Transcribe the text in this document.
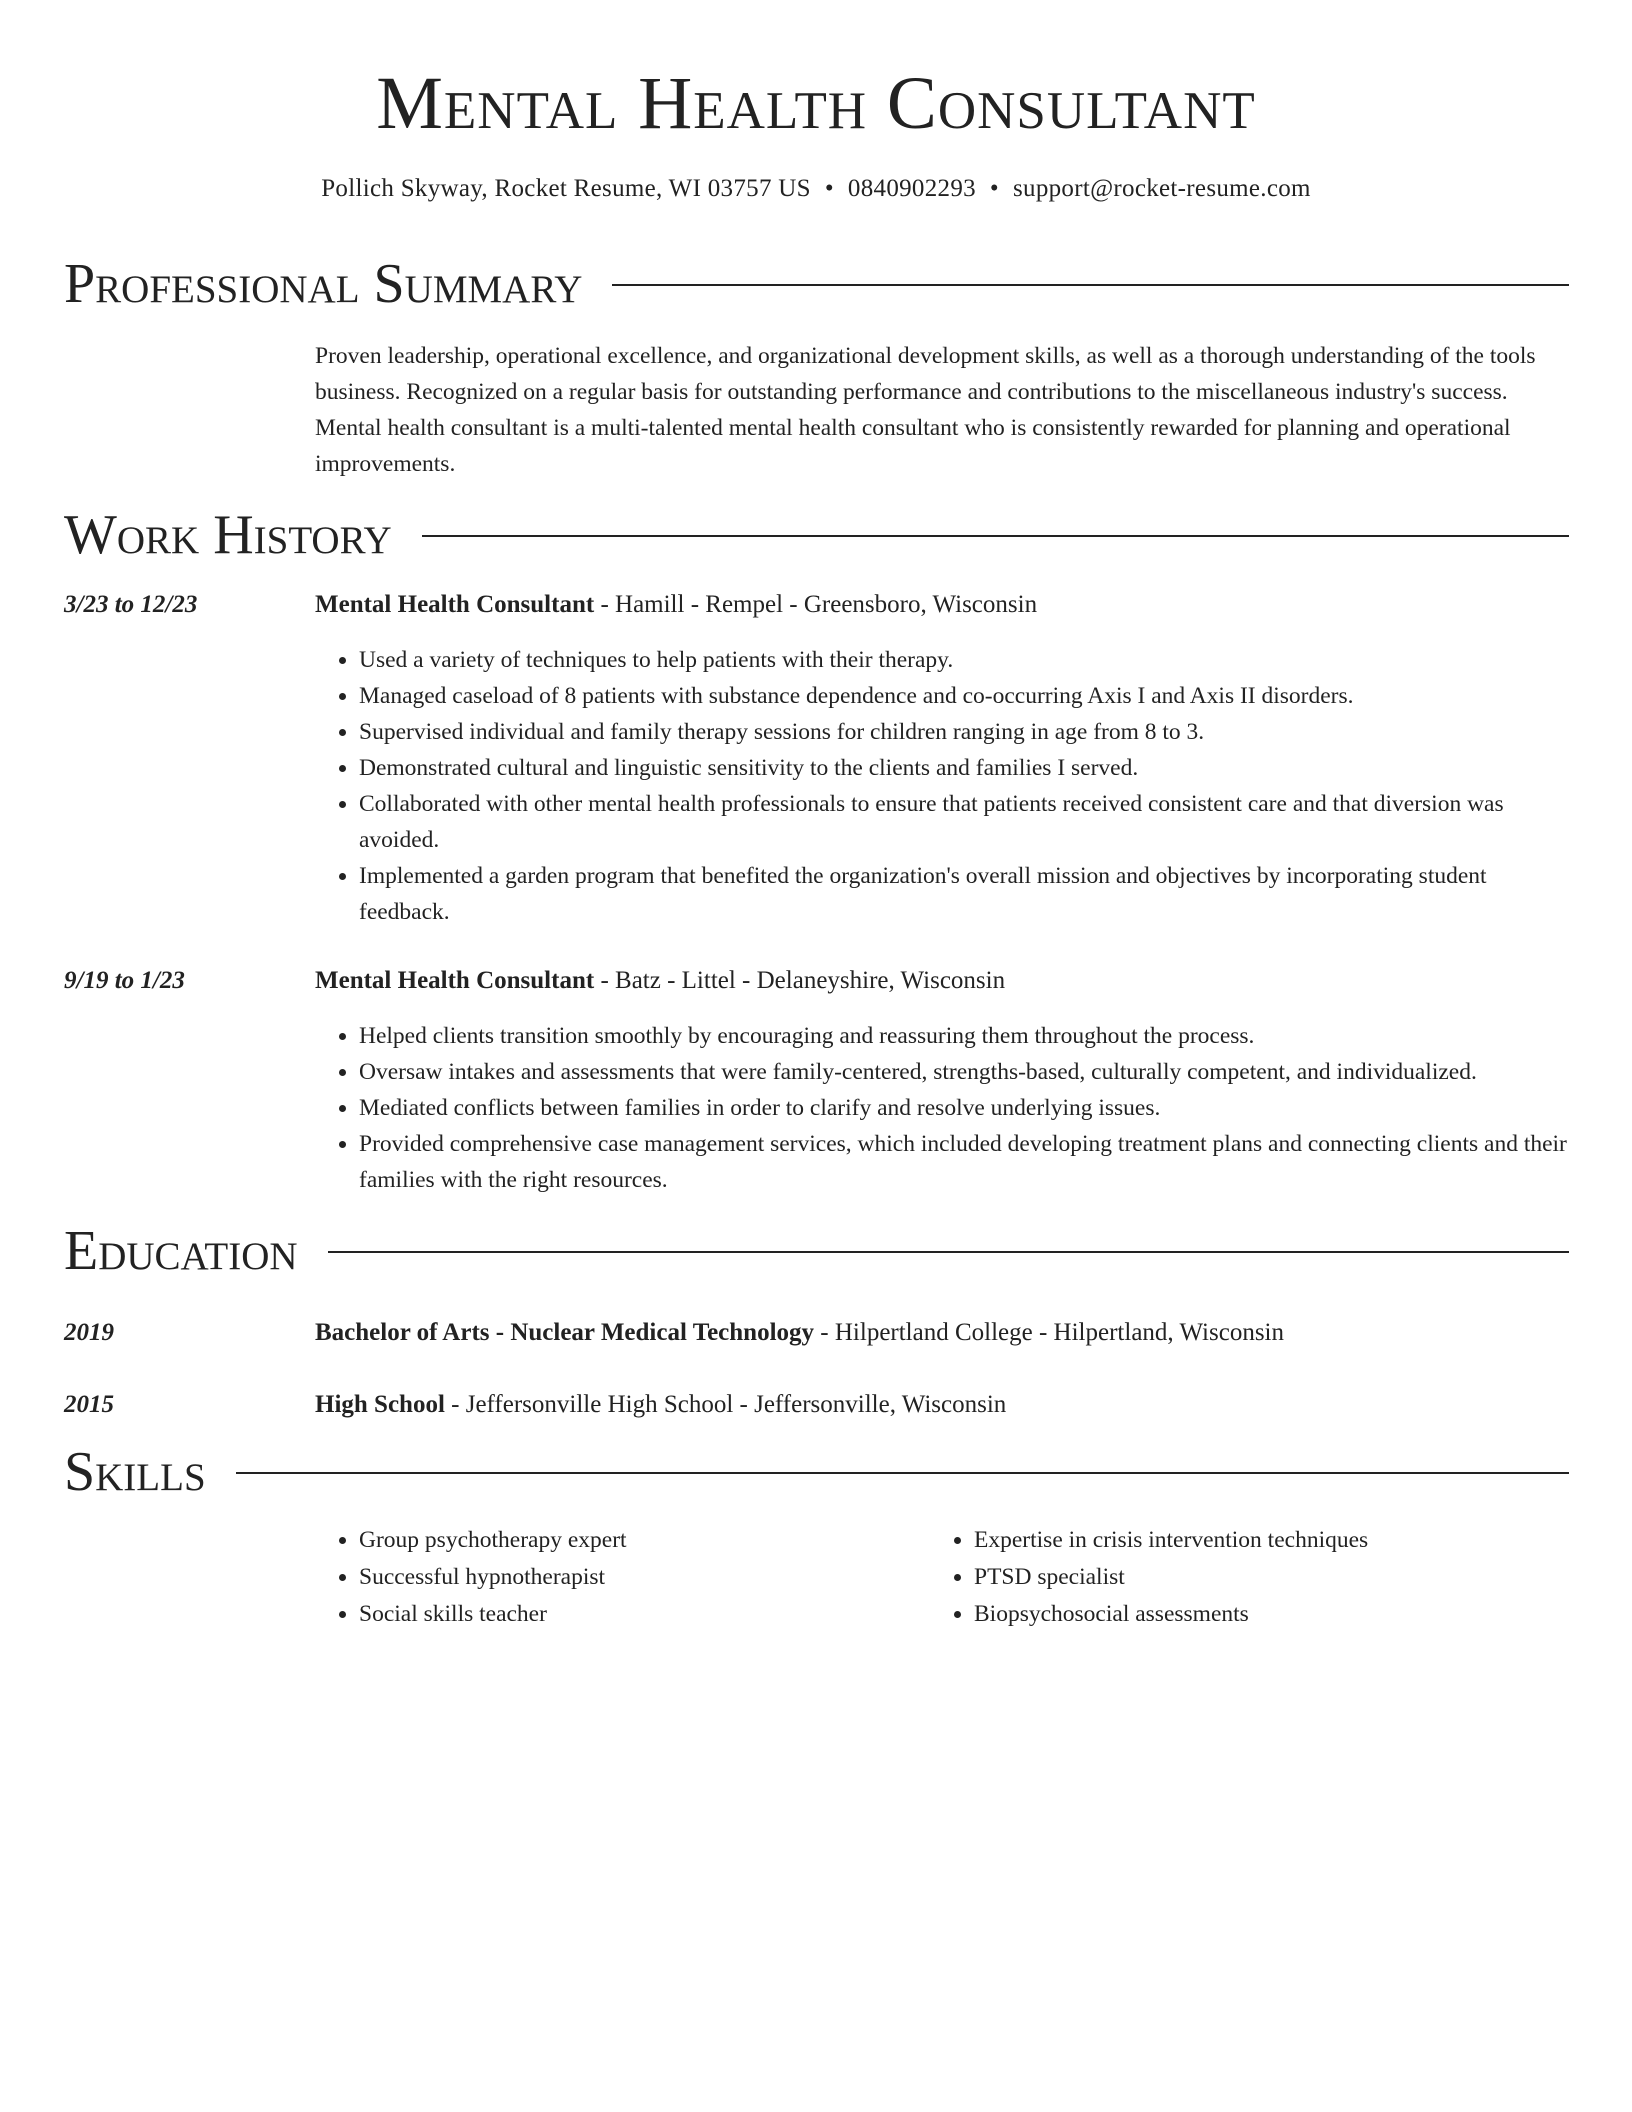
Mental Health Consultant
Pollich Skyway, Rocket Resume, WI 03757 US • 0840902293 • support@rocket-resume.com
Professional Summary

Proven leadership, operational excellence, and organizational development skills, as well as a thorough understanding of the tools business. Recognized on a regular basis for outstanding performance and contributions to the miscellaneous industry's success. Mental health consultant is a multi-talented mental health consultant who is consistently rewarded for planning and operational improvements.

Work History
3/23 to 12/23	Mental Health Consultant - Hamill - Rempel - Greensboro, Wisconsin
• Used a variety of techniques to help patients with their therapy.
• Managed caseload of 8 patients with substance dependence and co-occurring Axis I and Axis II disorders.
• Supervised individual and family therapy sessions for children ranging in age from 8 to 3.
• Demonstrated cultural and linguistic sensitivity to the clients and families I served.
• Collaborated with other mental health professionals to ensure that patients received consistent care and that diversion was avoided.
• Implemented a garden program that benefited the organization's overall mission and objectives by incorporating student feedback.
9/19 to 1/23	Mental Health Consultant - Batz - Littel - Delaneyshire, Wisconsin
• Helped clients transition smoothly by encouraging and reassuring them throughout the process.
• Oversaw intakes and assessments that were family-centered, strengths-based, culturally competent, and individualized.
• Mediated conflicts between families in order to clarify and resolve underlying issues.
• Provided comprehensive case management services, which included developing treatment plans and connecting clients and their families with the right resources.
Education
2019	Bachelor of Arts - Nuclear Medical Technology - Hilpertland College - Hilpertland, Wisconsin
2015	High School - Jeffersonville High School - Jeffersonville, Wisconsin
Skills
• Group psychotherapy expert
• Successful hypnotherapist
• Social skills teacher
• Expertise in crisis intervention techniques
• PTSD specialist
• Biopsychosocial assessments
